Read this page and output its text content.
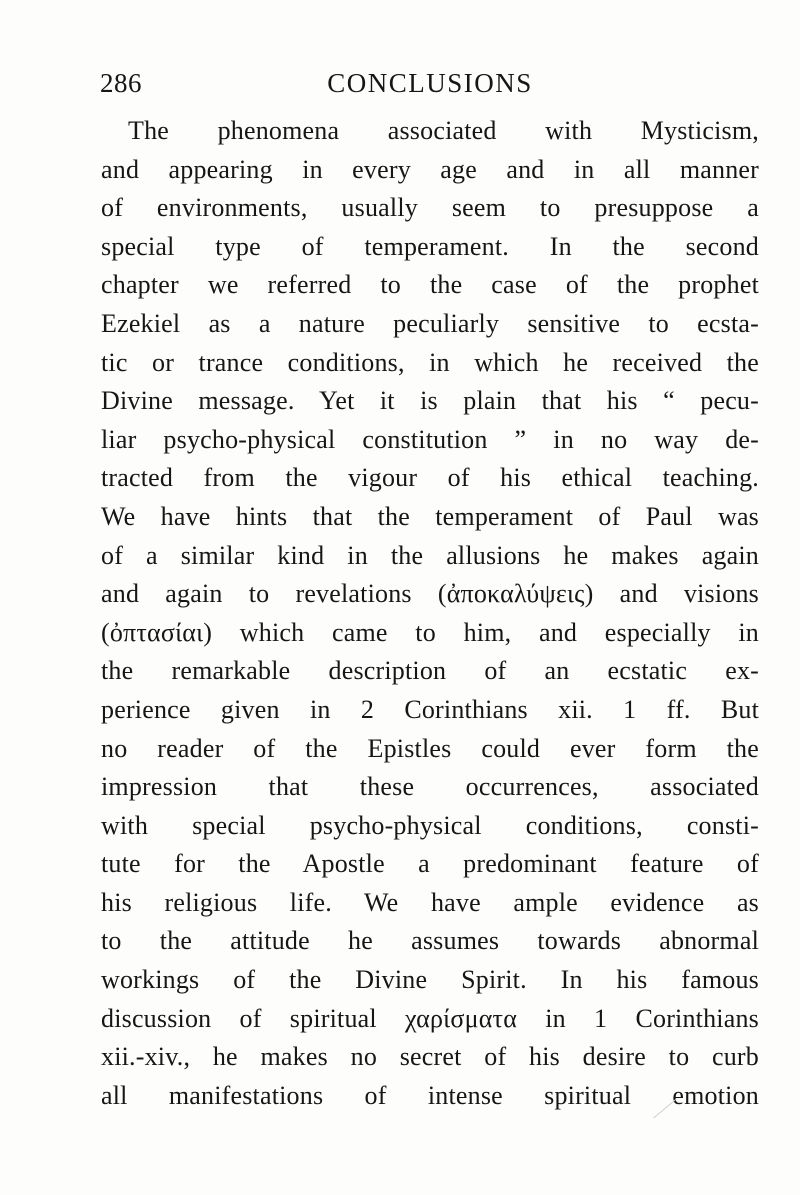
286	CONCLUSIONS
The phenomena associated with Mysticism,
and appearing in every age and in all manner
of environments, usually seem to presuppose a
special type of temperament. In the second
chapter we referred to the case of the prophet
Ezekiel as a nature peculiarly sensitive to ecsta-
tic or trance conditions, in which he received the
Divine message. Yet it is plain that his “ pecu-
liar psycho-physical constitution ” in no way de-
tracted from the vigour of his ethical teaching.
We have hints that the temperament of Paul was
of a similar kind in the allusions he makes again
and again to revelations (ἀποκαλύψεις) and visions
(ὀπτασίαι) which came to him, and especially in
the remarkable description of an ecstatic ex-
perience given in 2 Corinthians xii. 1 ff. But
no reader of the Epistles could ever form the
impression that these occurrences, associated
with special psycho-physical conditions, consti-
tute for the Apostle a predominant feature of
his religious life. We have ample evidence as
to the attitude he assumes towards abnormal
workings of the Divine Spirit. In his famous
discussion of spiritual χαρίσματα in 1 Corinthians
xii.-xiv., he makes no secret of his desire to curb
all manifestations of intense spiritual emotion
